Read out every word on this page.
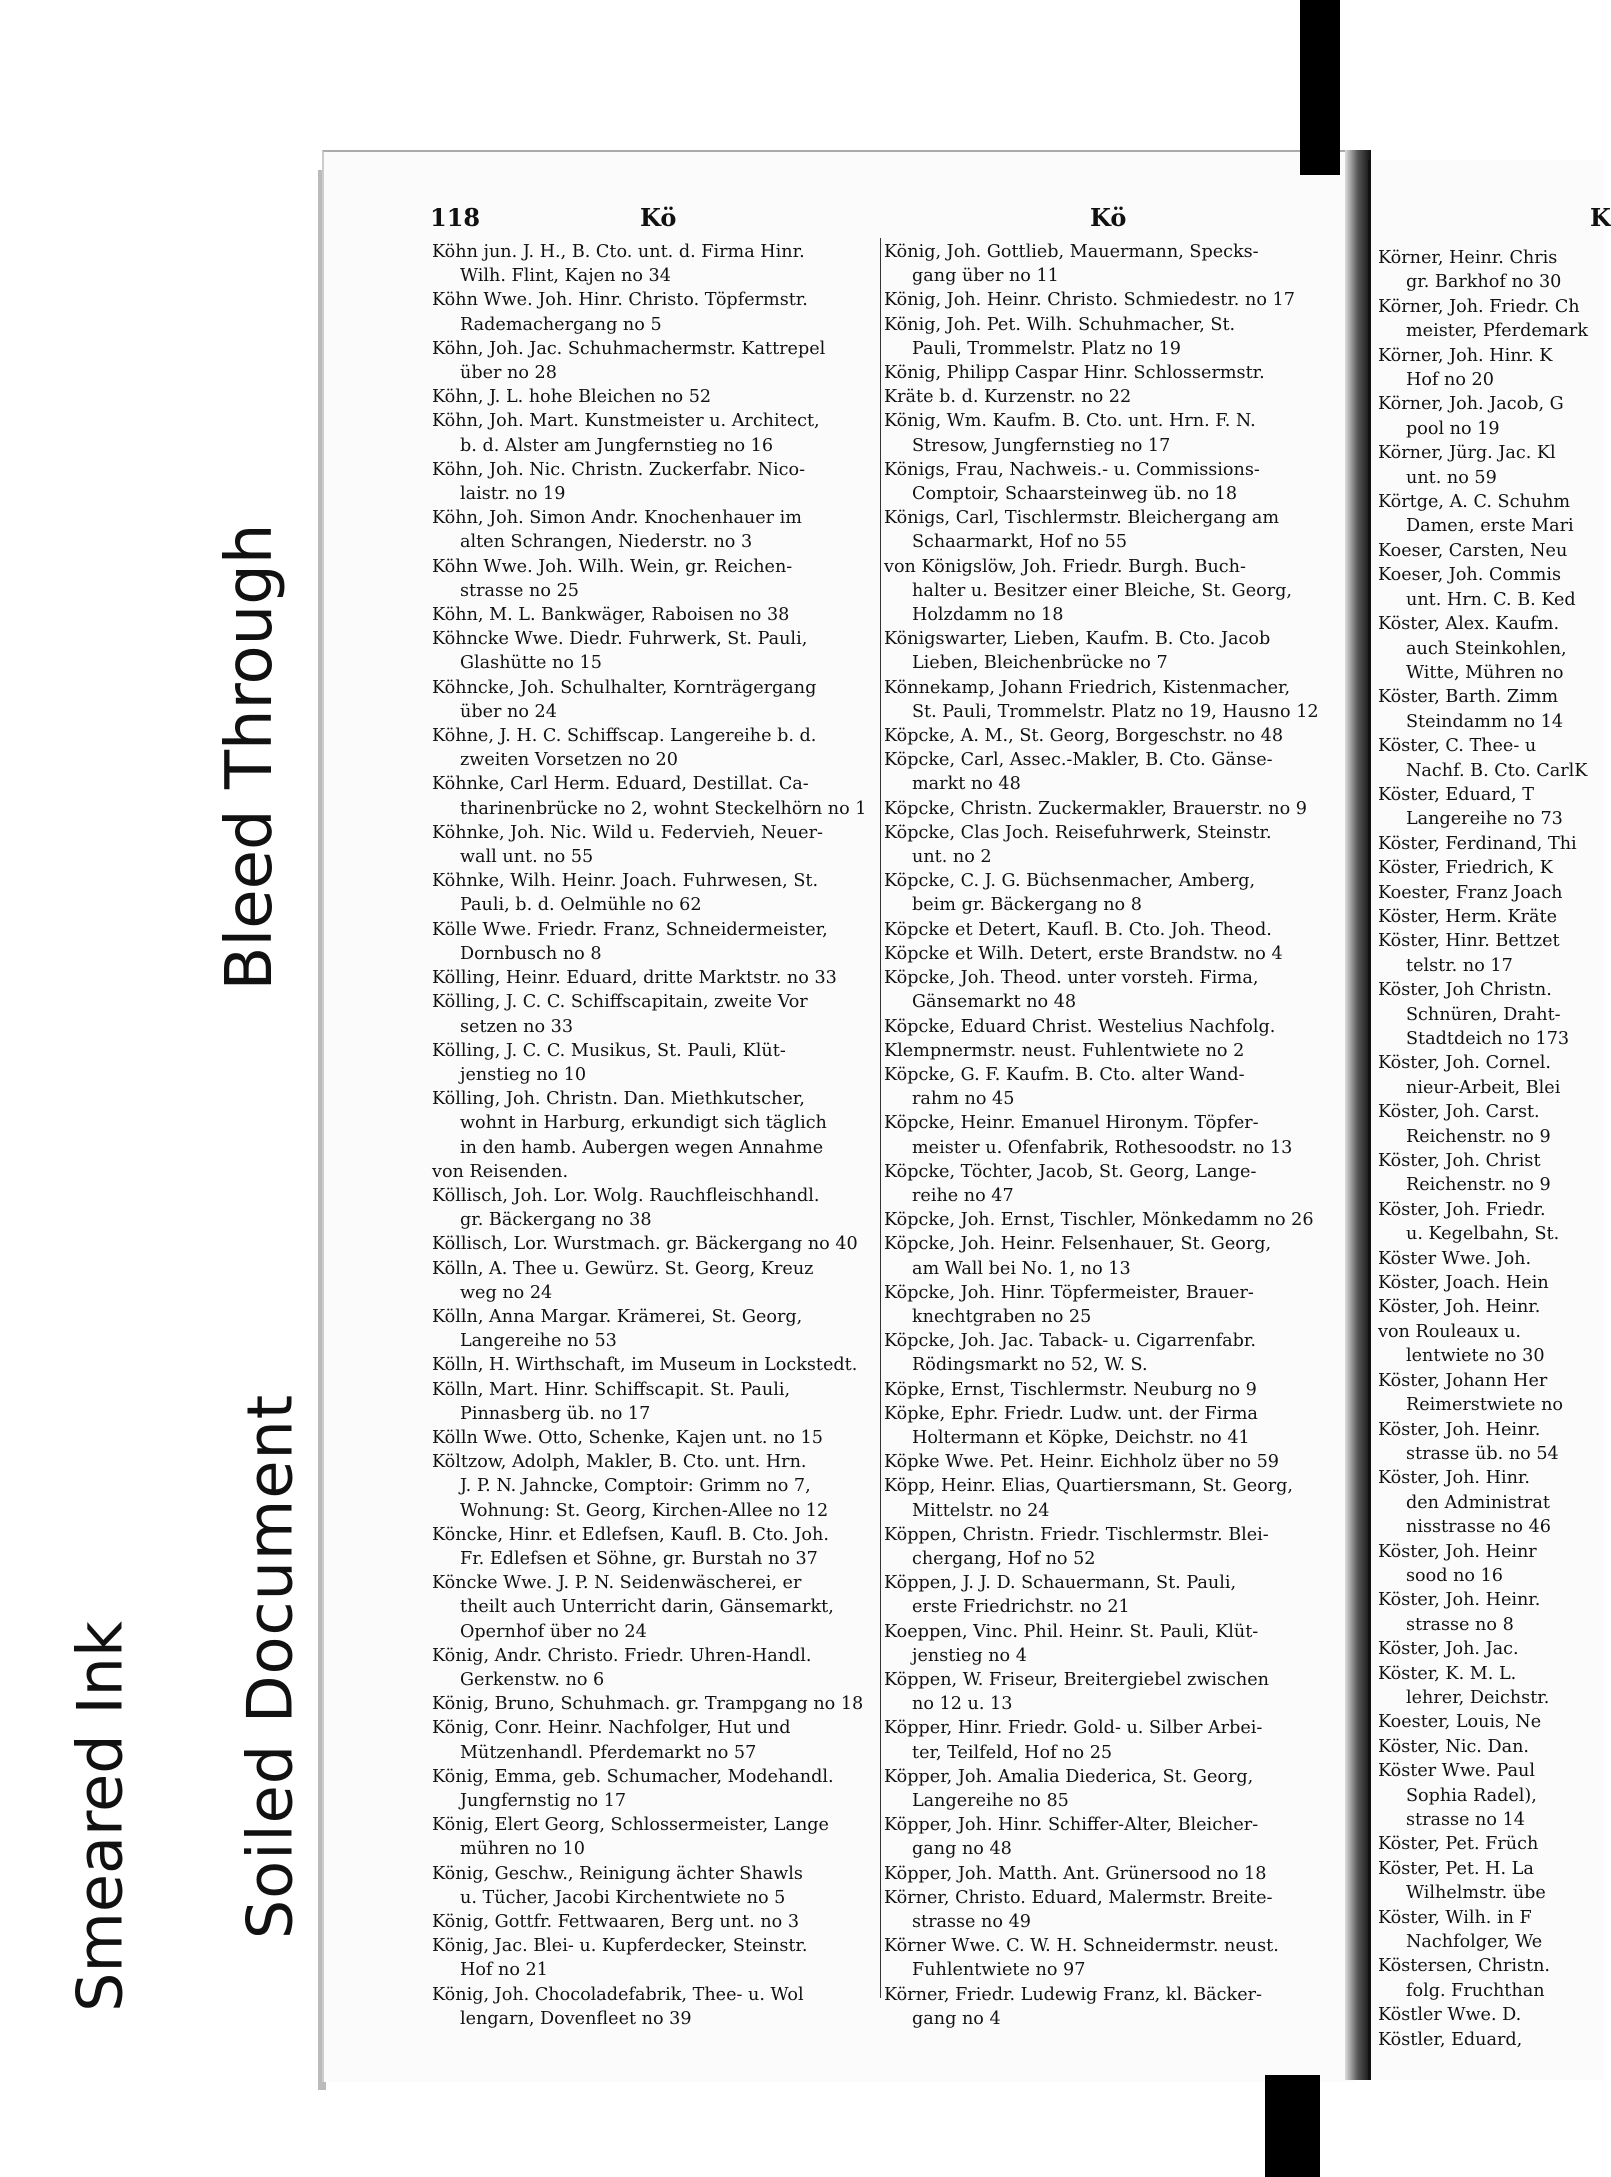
Bleed Through
Smeared Ink Soiled Document
118	Kö	Kö	K
Köhn jun. J. H., B. Cto. unt. d. Firma Hinr.
Wilh. Flint, Kajen no 34
Köhn Wwe. Joh. Hinr. Christo. Töpfermstr.
Rademachergang no 5
Köhn, Joh. Jac. Schuhmachermstr. Kattrepel
über no 28
Köhn, J. L. hohe Bleichen no 52
Köhn, Joh. Mart. Kunstmeister u. Architect,
b. d. Alster am Jungfernstieg no 16
Köhn, Joh. Nic. Christn. Zuckerfabr. Nico-
laistr. no 19
Köhn, Joh. Simon Andr. Knochenhauer im
alten Schrangen, Niederstr. no 3
Köhn Wwe. Joh. Wilh. Wein, gr. Reichen-
strasse no 25
Köhn, M. L. Bankwäger, Raboisen no 38
Köhncke Wwe. Diedr. Fuhrwerk, St. Pauli,
Glashütte no 15
Köhncke, Joh. Schulhalter, Kornträgergang
über no 24
Köhne, J. H. C. Schiffscap. Langereihe b. d.
zweiten Vorsetzen no 20
Köhnke, Carl Herm. Eduard, Destillat. Ca-
tharinenbrücke no 2, wohnt Steckelhörn no 1
Köhnke, Joh. Nic. Wild u. Federvieh, Neuer-
wall unt. no 55
Köhnke, Wilh. Heinr. Joach. Fuhrwesen, St.
Pauli, b. d. Oelmühle no 62
Kölle Wwe. Friedr. Franz, Schneidermeister,
Dornbusch no 8
Kölling, Heinr. Eduard, dritte Marktstr. no 33
Kölling, J. C. C. Schiffscapitain, zweite Vor
setzen no 33
Kölling, J. C. C. Musikus, St. Pauli, Klüt-
jenstieg no 10
Kölling, Joh. Christn. Dan. Miethkutscher,
wohnt in Harburg, erkundigt sich täglich
in den hamb. Aubergen wegen Annahme
von Reisenden.
Köllisch, Joh. Lor. Wolg. Rauchfleischhandl.
gr. Bäckergang no 38
Köllisch, Lor. Wurstmach. gr. Bäckergang no 40
Kölln, A. Thee u. Gewürz. St. Georg, Kreuz
weg no 24
Kölln, Anna Margar. Krämerei, St. Georg,
Langereihe no 53
Kölln, H. Wirthschaft, im Museum in Lockstedt.
Kölln, Mart. Hinr. Schiffscapit. St. Pauli,
Pinnasberg üb. no 17
Kölln Wwe. Otto, Schenke, Kajen unt. no 15
Költzow, Adolph, Makler, B. Cto. unt. Hrn.
J. P. N. Jahncke, Comptoir: Grimm no 7,
Wohnung: St. Georg, Kirchen-Allee no 12
Köncke, Hinr. et Edlefsen, Kaufl. B. Cto. Joh.
Fr. Edlefsen et Söhne, gr. Burstah no 37
Köncke Wwe. J. P. N. Seidenwäscherei, er
theilt auch Unterricht darin, Gänsemarkt,
Opernhof über no 24
König, Andr. Christo. Friedr. Uhren-Handl.
Gerkenstw. no 6
König, Bruno, Schuhmach. gr. Trampgang no 18
König, Conr. Heinr. Nachfolger, Hut und
Mützenhandl. Pferdemarkt no 57
König, Emma, geb. Schumacher, Modehandl.
Jungfernstig no 17
König, Elert Georg, Schlossermeister, Lange
mühren no 10
König, Geschw., Reinigung ächter Shawls
u. Tücher, Jacobi Kirchentwiete no 5
König, Gottfr. Fettwaaren, Berg unt. no 3
König, Jac. Blei- u. Kupferdecker, Steinstr.
Hof no 21
König, Joh. Chocoladefabrik, Thee- u. Wol
lengarn, Dovenfleet no 39
König, Joh. Gottlieb, Mauermann, Specks-
gang über no 11
König, Joh. Heinr. Christo. Schmiedestr. no 17
König, Joh. Pet. Wilh. Schuhmacher, St.
Pauli, Trommelstr. Platz no 19
König, Philipp Caspar Hinr. Schlossermstr.
Kräte b. d. Kurzenstr. no 22
König, Wm. Kaufm. B. Cto. unt. Hrn. F. N.
Stresow, Jungfernstieg no 17
Königs, Frau, Nachweis.- u. Commissions-
Comptoir, Schaarsteinweg üb. no 18
Königs, Carl, Tischlermstr. Bleichergang am
Schaarmarkt, Hof no 55
von Königslöw, Joh. Friedr. Burgh. Buch-
halter u. Besitzer einer Bleiche, St. Georg,
Holzdamm no 18
Königswarter, Lieben, Kaufm. B. Cto. Jacob
Lieben, Bleichenbrücke no 7
Könnekamp, Johann Friedrich, Kistenmacher,
St. Pauli, Trommelstr. Platz no 19, Hausno 12
Köpcke, A. M., St. Georg, Borgeschstr. no 48
Köpcke, Carl, Assec.-Makler, B. Cto. Gänse-
markt no 48
Köpcke, Christn. Zuckermakler, Brauerstr. no 9
Köpcke, Clas Joch. Reisefuhrwerk, Steinstr.
unt. no 2
Köpcke, C. J. G. Büchsenmacher, Amberg,
beim gr. Bäckergang no 8
Köpcke et Detert, Kaufl. B. Cto. Joh. Theod.
Köpcke et Wilh. Detert, erste Brandstw. no 4
Köpcke, Joh. Theod. unter vorsteh. Firma,
Gänsemarkt no 48
Köpcke, Eduard Christ. Westelius Nachfolg.
Klempnermstr. neust. Fuhlentwiete no 2
Köpcke, G. F. Kaufm. B. Cto. alter Wand-
rahm no 45
Köpcke, Heinr. Emanuel Hironym. Töpfer-
meister u. Ofenfabrik, Rothesoodstr. no 13
Köpcke, Töchter, Jacob, St. Georg, Lange-
reihe no 47
Köpcke, Joh. Ernst, Tischler, Mönkedamm no 26
Köpcke, Joh. Heinr. Felsenhauer, St. Georg,
am Wall bei No. 1, no 13
Köpcke, Joh. Hinr. Töpfermeister, Brauer-
knechtgraben no 25
Köpcke, Joh. Jac. Taback- u. Cigarrenfabr.
Rödingsmarkt no 52, W. S.
Köpke, Ernst, Tischlermstr. Neuburg no 9
Köpke, Ephr. Friedr. Ludw. unt. der Firma
Holtermann et Köpke, Deichstr. no 41
Köpke Wwe. Pet. Heinr. Eichholz über no 59
Köpp, Heinr. Elias, Quartiersmann, St. Georg,
Mittelstr. no 24
Köppen, Christn. Friedr. Tischlermstr. Blei-
chergang, Hof no 52
Köppen, J. J. D. Schauermann, St. Pauli,
erste Friedrichstr. no 21
Koeppen, Vinc. Phil. Heinr. St. Pauli, Klüt-
jenstieg no 4
Köppen, W. Friseur, Breitergiebel zwischen
no 12 u. 13
Köpper, Hinr. Friedr. Gold- u. Silber Arbei-
ter, Teilfeld, Hof no 25
Köpper, Joh. Amalia Diederica, St. Georg,
Langereihe no 85
Köpper, Joh. Hinr. Schiffer-Alter, Bleicher-
gang no 48
Köpper, Joh. Matth. Ant. Grünersood no 18
Körner, Christo. Eduard, Malermstr. Breite-
strasse no 49
Körner Wwe. C. W. H. Schneidermstr. neust.
Fuhlentwiete no 97
Körner, Friedr. Ludewig Franz, kl. Bäcker-
gang no 4
Körner, Heinr. Chris
gr. Barkhof no 30
Körner, Joh. Friedr. Ch
meister, Pferdemark
Körner, Joh. Hinr. K
Hof no 20
Körner, Joh. Jacob, G
pool no 19
Körner, Jürg. Jac. Kl
unt. no 59
Körtge, A. C. Schuhm
Damen, erste Mari
Koeser, Carsten, Neu
Koeser, Joh. Commis
unt. Hrn. C. B. Ked
Köster, Alex. Kaufm.
auch Steinkohlen,
Witte, Mühren no
Köster, Barth. Zimm
Steindamm no 14
Köster, C. Thee- u
Nachf. B. Cto. CarlK
Köster, Eduard, T
Langereihe no 73
Köster, Ferdinand, Thi
Köster, Friedrich, K
Koester, Franz Joach
Köster, Herm. Kräte
Köster, Hinr. Bettzet
telstr. no 17
Köster, Joh Christn.
Schnüren, Draht-
Stadtdeich no 173
Köster, Joh. Cornel.
nieur-Arbeit, Blei
Köster, Joh. Carst.
Reichenstr. no 9
Köster, Joh. Christ
Reichenstr. no 9
Köster, Joh. Friedr.
u. Kegelbahn, St.
Köster Wwe. Joh.
Köster, Joach. Hein
Köster, Joh. Heinr.
von Rouleaux u.
lentwiete no 30
Köster, Johann Her
Reimerstwiete no
Köster, Joh. Heinr.
strasse üb. no 54
Köster, Joh. Hinr.
den Administrat
nisstrasse no 46
Köster, Joh. Heinr
sood no 16
Köster, Joh. Heinr.
strasse no 8
Köster, Joh. Jac.
Köster, K. M. L.
lehrer, Deichstr.
Koester, Louis, Ne
Köster, Nic. Dan.
Köster Wwe. Paul
Sophia Radel),
strasse no 14
Köster, Pet. Früch
Köster, Pet. H. La
Wilhelmstr. übe
Köster, Wilh. in F
Nachfolger, We
Köstersen, Christn.
folg. Fruchthan
Köstler Wwe. D.
Köstler, Eduard,
